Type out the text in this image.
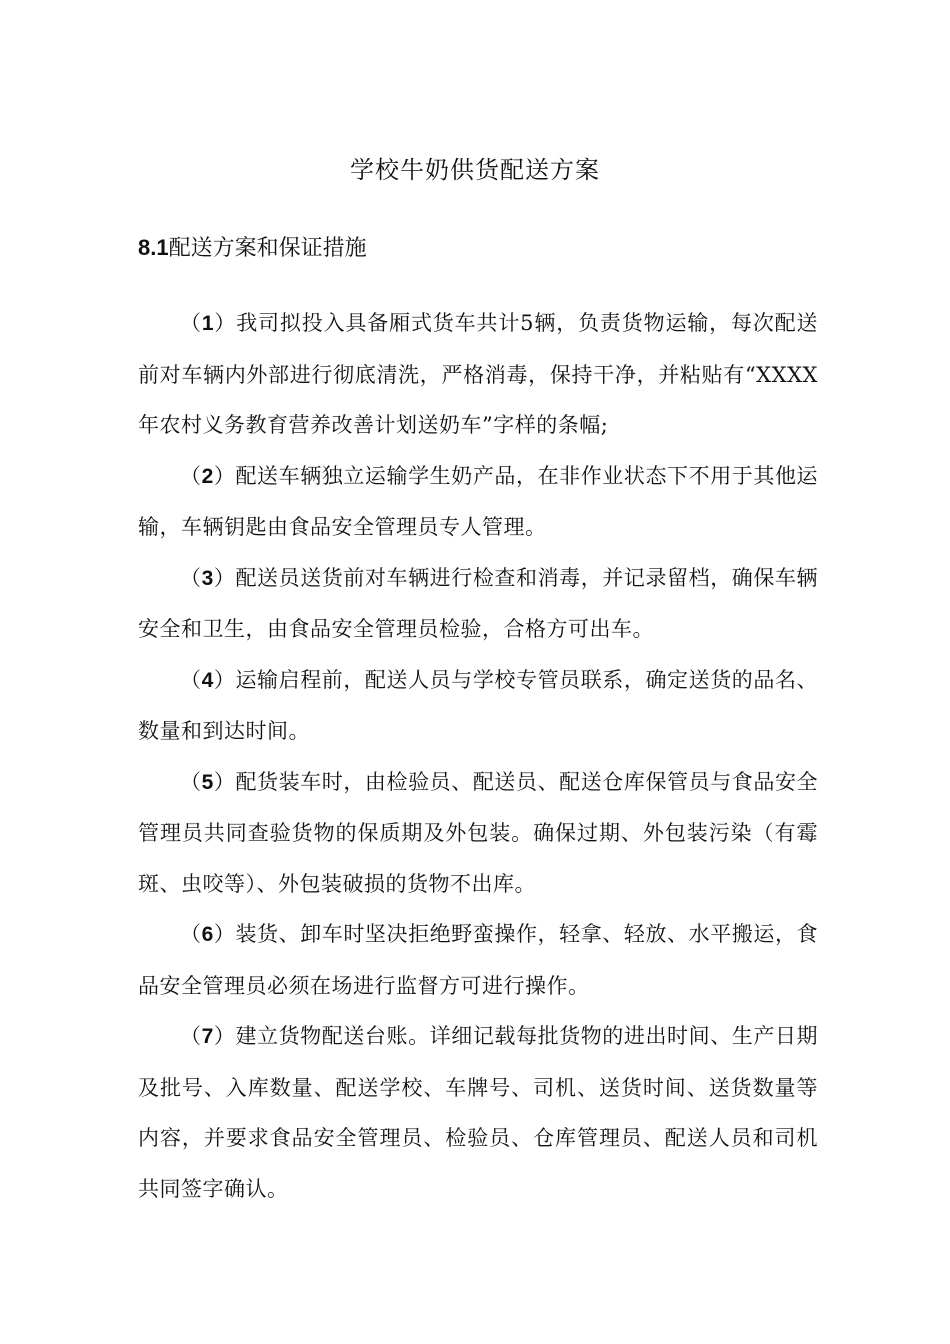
学校牛奶供货配送方案
8.1配送方案和保证措施

（1）我司拟投入具备厢式货车共计5辆，负责货物运输，每次配送前对车辆内外部进行彻底清洗，严格消毒，保持干净，并粘贴有“XXXX年农村义务教育营养改善计划送奶车”字样的条幅;

（2）配送车辆独立运输学生奶产品，在非作业状态下不用于其他运输，车辆钥匙由食品安全管理员专人管理。

（3）配送员送货前对车辆进行检查和消毒，并记录留档，确保车辆安全和卫生，由食品安全管理员检验，合格方可出车。

（4）运输启程前，配送人员与学校专管员联系，确定送货的品名、数量和到达时间。

（5）配货装车时，由检验员、配送员、配送仓库保管员与食品安全管理员共同查验货物的保质期及外包装。确保过期、外包装污染（有霉斑、虫咬等）、外包装破损的货物不出库。

（6）装货、卸车时坚决拒绝野蛮操作，轻拿、轻放、水平搬运，食品安全管理员必须在场进行监督方可进行操作。

（7）建立货物配送台账。详细记载每批货物的进出时间、生产日期及批号、入库数量、配送学校、车牌号、司机、送货时间、送货数量等内容，并要求食品安全管理员、检验员、仓库管理员、配送人员和司机共同签字确认。
